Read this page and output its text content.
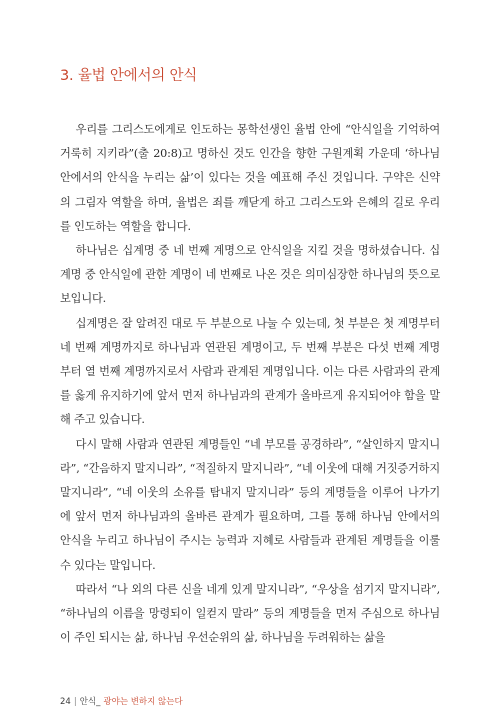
3. 율법 안에서의 안식

우리를 그리스도에게로 인도하는 몽학선생인 율법 안에 “안식일을 기억하여 거룩히 지키라”(출 20:8)고 명하신 것도 인간을 향한 구원계획 가운데 ‘하나님 안에서의 안식을 누리는 삶’이 있다는 것을 예표해 주신 것입니다. 구약은 신약의 그림자 역할을 하며, 율법은 죄를 깨닫게 하고 그리스도와 은혜의 길로 우리를 인도하는 역할을 합니다.

하나님은 십계명 중 네 번째 계명으로 안식일을 지킬 것을 명하셨습니다. 십계명 중 안식일에 관한 계명이 네 번째로 나온 것은 의미심장한 하나님의 뜻으로 보입니다.

십계명은 잘 알려진 대로 두 부분으로 나눌 수 있는데, 첫 부분은 첫 계명부터 네 번째 계명까지로 하나님과 연관된 계명이고, 두 번째 부분은 다섯 번째 계명부터 열 번째 계명까지로서 사람과 관계된 계명입니다. 이는 다른 사람과의 관계를 옳게 유지하기에 앞서 먼저 하나님과의 관계가 올바르게 유지되어야 함을 말해 주고 있습니다.

다시 말해 사람과 연관된 계명들인 “네 부모를 공경하라”, “살인하지 말지니라”, “간음하지 말지니라”, “적질하지 말지니라”, “네 이웃에 대해 거짓증거하지 말지니라”, “네 이웃의 소유를 탐내지 말지니라” 등의 계명들을 이루어 나가기에 앞서 먼저 하나님과의 올바른 관계가 필요하며, 그를 통해 하나님 안에서의 안식을 누리고 하나님이 주시는 능력과 지혜로 사람들과 관계된 계명들을 이룰 수 있다는 말입니다.

따라서 “나 외의 다른 신을 네게 있게 말지니라”, “우상을 섬기지 말지니라”, “하나님의 이름을 망령되이 일컫지 말라” 등의 계명들을 먼저 주심으로 하나님이 주인 되시는 삶, 하나님 우선순위의 삶, 하나님을 두려워하는 삶을

24 | 안식_ 광야는 변하지 않는다
